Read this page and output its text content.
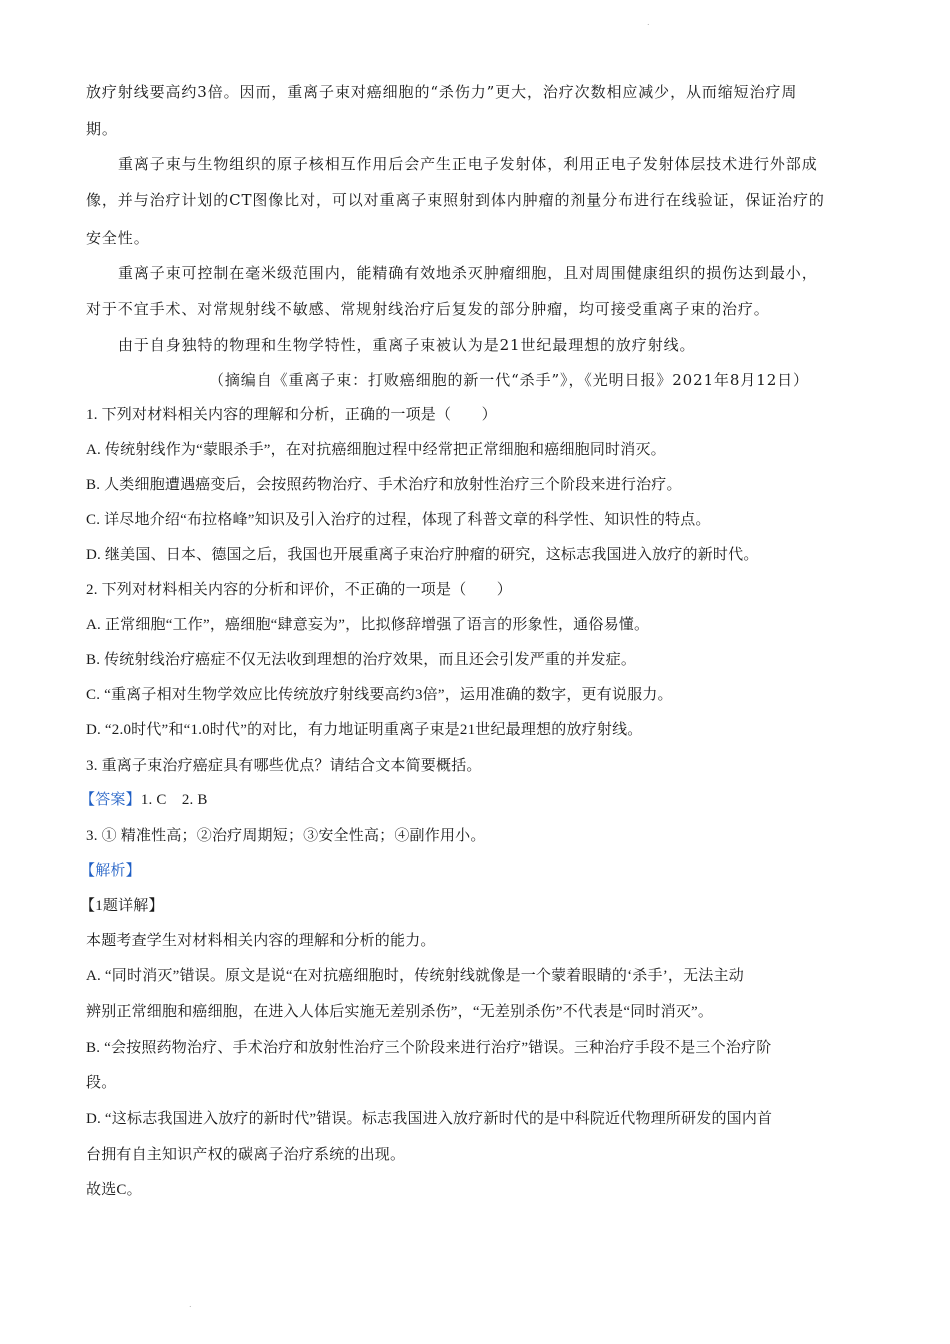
.
放疗射线要高约3倍。因而，重离子束对癌细胞的“杀伤力”更大，治疗次数相应减少，从而缩短治疗周
期。
重离子束与生物组织的原子核相互作用后会产生正电子发射体，利用正电子发射体层技术进行外部成
像，并与治疗计划的CT图像比对，可以对重离子束照射到体内肿瘤的剂量分布进行在线验证，保证治疗的
安全性。
重离子束可控制在毫米级范围内，能精确有效地杀灭肿瘤细胞，且对周围健康组织的损伤达到最小，
对于不宜手术、对常规射线不敏感、常规射线治疗后复发的部分肿瘤，均可接受重离子束的治疗。
由于自身独特的物理和生物学特性，重离子束被认为是21世纪最理想的放疗射线。
（摘编自《重离子束：打败癌细胞的新一代“杀手”》，《光明日报》2021年8月12日）
1. 下列对材料相关内容的理解和分析，正确的一项是（　　）
A. 传统射线作为“蒙眼杀手”，在对抗癌细胞过程中经常把正常细胞和癌细胞同时消灭。
B. 人类细胞遭遇癌变后，会按照药物治疗、手术治疗和放射性治疗三个阶段来进行治疗。
C. 详尽地介绍“布拉格峰”知识及引入治疗的过程，体现了科普文章的科学性、知识性的特点。
D. 继美国、日本、德国之后，我国也开展重离子束治疗肿瘤的研究，这标志我国进入放疗的新时代。
2. 下列对材料相关内容的分析和评价，不正确的一项是（　　）
A. 正常细胞“工作”，癌细胞“肆意妄为”，比拟修辞增强了语言的形象性，通俗易懂。
B. 传统射线治疗癌症不仅无法收到理想的治疗效果，而且还会引发严重的并发症。
C. “重离子相对生物学效应比传统放疗射线要高约3倍”，运用准确的数字，更有说服力。
D. “2.0时代”和“1.0时代”的对比，有力地证明重离子束是21世纪最理想的放疗射线。
3. 重离子束治疗癌症具有哪些优点？请结合文本简要概括。
【答案】1. C　2. B
3. ① 精准性高；②治疗周期短；③安全性高；④副作用小。
【解析】
【1题详解】
本题考查学生对材料相关内容的理解和分析的能力。
A. “同时消灭”错误。原文是说“在对抗癌细胞时，传统射线就像是一个蒙着眼睛的‘杀手’，无法主动
辨别正常细胞和癌细胞，在进入人体后实施无差别杀伤”，“无差别杀伤”不代表是“同时消灭”。
B. “会按照药物治疗、手术治疗和放射性治疗三个阶段来进行治疗”错误。三种治疗手段不是三个治疗阶
段。
D. “这标志我国进入放疗的新时代”错误。标志我国进入放疗新时代的是中科院近代物理所研发的国内首
台拥有自主知识产权的碳离子治疗系统的出现。
故选C。
.
